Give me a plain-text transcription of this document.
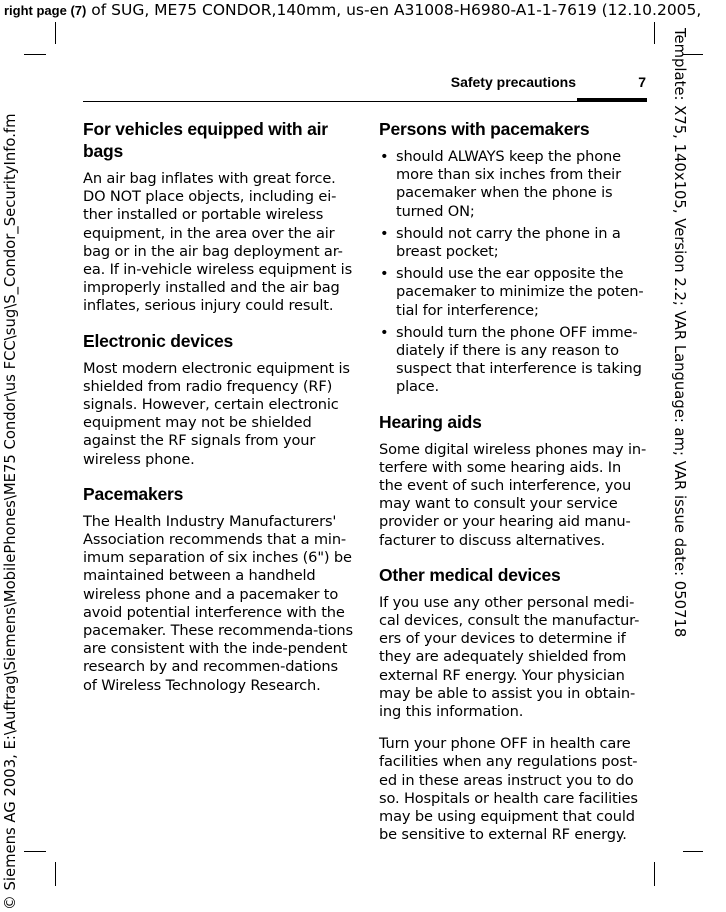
right page (7) of SUG, ME75 CONDOR,140mm, us-en A31008-H6980-A1-1-7619 (12.10.2005,
Template: X75, 140x105, Version 2.2; VAR Language: am; VAR issue date: 050718
© Siemens AG 2003, E:\Auftrag\Siemens\MobilePhones\ME75 Condor\us FCC\sug\S_Condor_SecurityInfo.fm
Safety precautions	7
For vehicles equipped with air bags

An air bag inflates with great force. DO NOT place objects, including ei-ther installed or portable wireless equipment, in the area over the air bag or in the air bag deployment ar-ea. If in-vehicle wireless equipment is improperly installed and the air bag inflates, serious injury could result.

Electronic devices

Most modern electronic equipment is shielded from radio frequency (RF) signals. However, certain electronic equipment may not be shielded against the RF signals from your wireless phone.

Pacemakers

The Health Industry Manufacturers' Association recommends that a min-imum separation of six inches (6") be maintained between a handheld wireless phone and a pacemaker to avoid potential interference with the pacemaker. These recommenda-tions are consistent with the inde-pendent research by and recommen-dations of Wireless Technology Research.

Persons with pacemakers
• should ALWAYS keep the phone more than six inches from their pacemaker when the phone is turned ON;
• should not carry the phone in a breast pocket;
• should use the ear opposite the pacemaker to minimize the poten-tial for interference;
• should turn the phone OFF imme-diately if there is any reason to suspect that interference is taking place.
Hearing aids

Some digital wireless phones may in-terfere with some hearing aids. In the event of such interference, you may want to consult your service provider or your hearing aid manu-facturer to discuss alternatives.

Other medical devices

If you use any other personal medi-cal devices, consult the manufactur-ers of your devices to determine if they are adequately shielded from external RF energy. Your physician may be able to assist you in obtain-ing this information.

Turn your phone OFF in health care facilities when any regulations post-ed in these areas instruct you to do so. Hospitals or health care facilities may be using equipment that could be sensitive to external RF energy.
